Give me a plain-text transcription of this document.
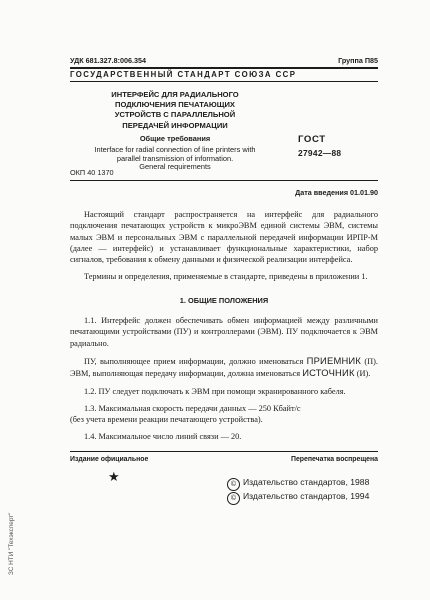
УДК 681.327.8:006.354	Группа П85
ГОСУДАРСТВЕННЫЙ СТАНДАРТ СОЮЗА ССР
ИНТЕРФЕЙС ДЛЯ РАДИАЛЬНОГО
ПОДКЛЮЧЕНИЯ ПЕЧАТАЮЩИХ
УСТРОЙСТВ С ПАРАЛЛЕЛЬНОЙ
ПЕРЕДАЧЕЙ ИНФОРМАЦИИ
Общие требования
Interface for radial connection of line printers with
parallel transmission of information.
General requirements
ГОСТ
27942—88
ОКП 40 1370
Дата введения 01.01.90

Настоящий стандарт распространяется на интерфейс для радиального подключения печатающих устройств к микроЭВМ единой системы ЭВМ, системы малых ЭВМ и персональных ЭВМ с параллельной передачей информации ИРПР-М (далее — интерфейс) и устанавливает функциональные характеристики, набор сигналов, требования к обмену данными и физической реализации интерфейса.

Термины и определения, применяемые в стандарте, приведены в приложении 1.

1. ОБЩИЕ ПОЛОЖЕНИЯ

1.1. Интерфейс должен обеспечивать обмен информацией между различными печатающими устройствами (ПУ) и контроллерами (ЭВМ). ПУ подключается к ЭВМ радиально.

ПУ, выполняющее прием информации, должно именоваться ПРИЕМНИК (П). ЭВМ, выполняющая передачу информации, должна именоваться ИСТОЧНИК (И).

1.2. ПУ следует подключать к ЭВМ при помощи экранированного кабеля.

1.3. Максимальная скорость передачи данных — 250 Кбайт/с

(без учета времени реакции печатающего устройства).

1.4. Максимальное число линий связи — 20.

Издание официальное	Перепечатка воспрещена
★
© Издательство стандартов, 1988
© Издательство стандартов, 1994
ЗС НТИ "Техэксперт"
